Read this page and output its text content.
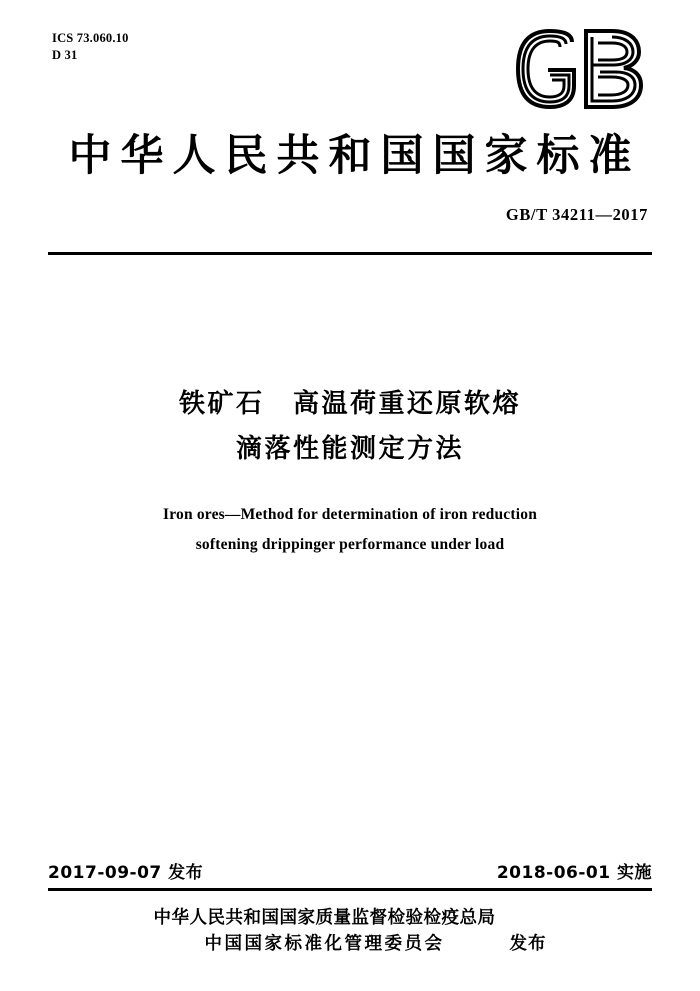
ICS 73.060.10
D 31
中华人民共和国国家标准
GB/T 34211—2017
铁矿石　高温荷重还原软熔
滴落性能测定方法
Iron ores—Method for determination of iron reduction
softening drippinger performance under load
2017-09-07 发布	2018-06-01 实施
中华人民共和国国家质量监督检验检疫总局
中国国家标准化管理委员会	发布
